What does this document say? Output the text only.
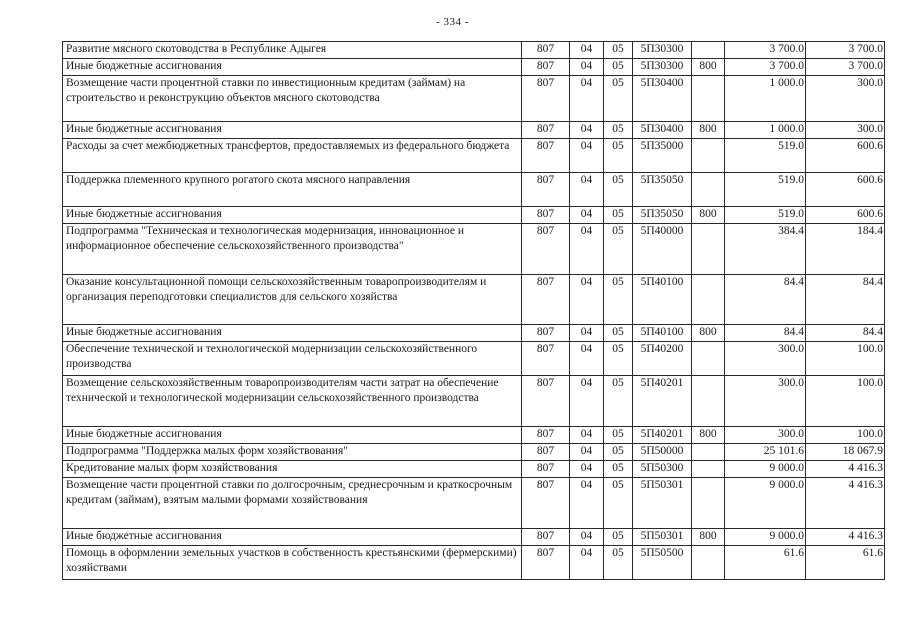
- 334 -
Развитие мясного скотоводства в Республике Адыгея	807	04	05	5П30300		3 700.0	3 700.0
Иные бюджетные ассигнования	807	04	05	5П30300	800	3 700.0	3 700.0
Возмещение части процентной ставки по инвестиционным кредитам (займам) на строительство и реконструкцию объектов мясного скотоводства	807	04	05	5П30400		1 000.0	300.0
Иные бюджетные ассигнования	807	04	05	5П30400	800	1 000.0	300.0
Расходы за счет межбюджетных трансфертов, предоставляемых из федерального бюджета	807	04	05	5П35000		519.0	600.6
Поддержка племенного крупного рогатого скота мясного направления	807	04	05	5П35050		519.0	600.6
Иные бюджетные ассигнования	807	04	05	5П35050	800	519.0	600.6
Подпрограмма "Техническая и технологическая модернизация, инновационное и информационное обеспечение сельскохозяйственного производства"	807	04	05	5П40000		384.4	184.4
Оказание консультационной помощи сельскохозяйственным товаропроизводителям и организация переподготовки специалистов для сельского хозяйства	807	04	05	5П40100		84.4	84.4
Иные бюджетные ассигнования	807	04	05	5П40100	800	84.4	84.4
Обеспечение технической и технологической модернизации сельскохозяйственного производства	807	04	05	5П40200		300.0	100.0
Возмещение сельскохозяйственным товаропроизводителям части затрат на обеспечение технической и технологической модернизации сельскохозяйственного производства	807	04	05	5П40201		300.0	100.0
Иные бюджетные ассигнования	807	04	05	5П40201	800	300.0	100.0
Подпрограмма "Поддержка малых форм хозяйствования"	807	04	05	5П50000		25 101.6	18 067.9
Кредитование малых форм хозяйствования	807	04	05	5П50300		9 000.0	4 416.3
Возмещение части процентной ставки по долгосрочным, среднесрочным и краткосрочным кредитам (займам), взятым малыми формами хозяйствования	807	04	05	5П50301		9 000.0	4 416.3
Иные бюджетные ассигнования	807	04	05	5П50301	800	9 000.0	4 416.3
Помощь в оформлении земельных участков в собственность крестьянскими (фермерскими) хозяйствами	807	04	05	5П50500		61.6	61.6
